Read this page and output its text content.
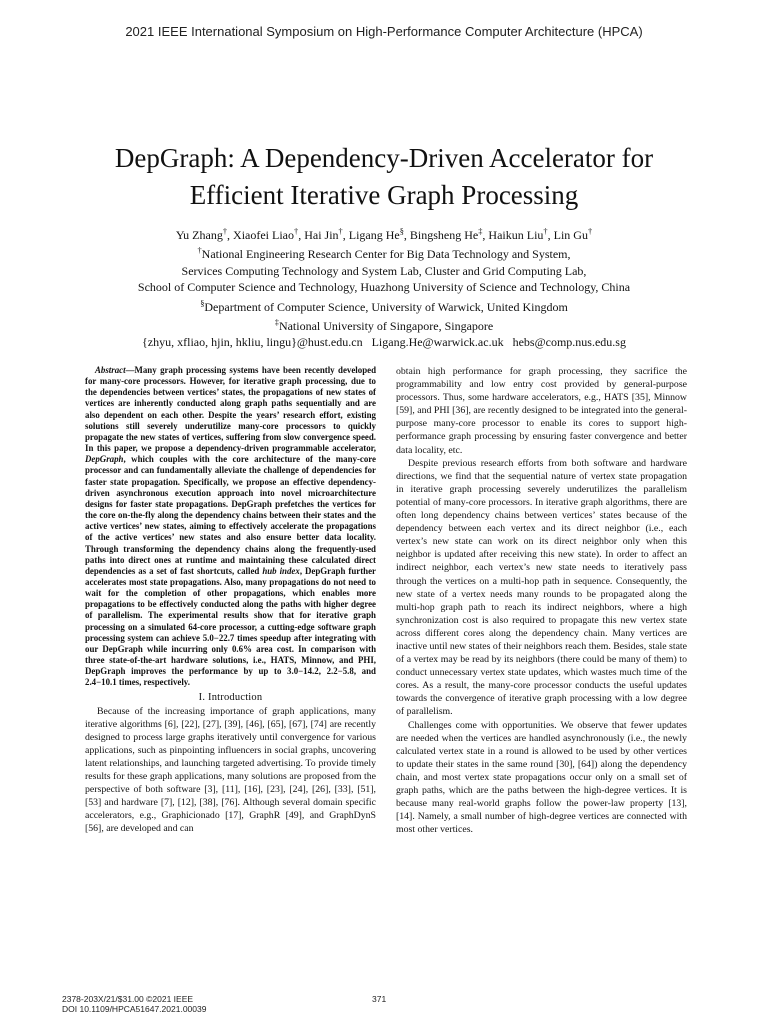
2021 IEEE International Symposium on High-Performance Computer Architecture (HPCA)
DepGraph: A Dependency-Driven Accelerator for
Efficient Iterative Graph Processing
Yu Zhang†, Xiaofei Liao†, Hai Jin†, Ligang He§, Bingsheng He‡, Haikun Liu†, Lin Gu†
†National Engineering Research Center for Big Data Technology and System,
Services Computing Technology and System Lab, Cluster and Grid Computing Lab,
School of Computer Science and Technology, Huazhong University of Science and Technology, China
§Department of Computer Science, University of Warwick, United Kingdom
‡National University of Singapore, Singapore
{zhyu, xfliao, hjin, hkliu, lingu}@hust.edu.cn   Ligang.He@warwick.ac.uk   hebs@comp.nus.edu.sg

Abstract—Many graph processing systems have been recently developed for many-core processors. However, for iterative graph processing, due to the dependencies between vertices’ states, the propagations of new states of vertices are inherently conducted along graph paths sequentially and are also dependent on each other. Despite the years’ research effort, existing solutions still severely underutilize many-core processors to quickly propagate the new states of vertices, suffering from slow convergence speed. In this paper, we propose a dependency-driven programmable accelerator, DepGraph, which couples with the core architecture of the many-core processor and can fundamentally alleviate the challenge of dependencies for faster state propagation. Specifically, we propose an effective dependency-driven asynchronous execution approach into novel microarchitecture designs for faster state propagations. DepGraph prefetches the vertices for the core on-the-fly along the dependency chains between their states and the active vertices’ new states, aiming to effectively accelerate the propagations of the active vertices’ new states and also ensure better data locality. Through transforming the dependency chains along the frequently-used paths into direct ones at runtime and maintaining these calculated direct dependencies as a set of fast shortcuts, called hub index, DepGraph further accelerates most state propagations. Also, many propagations do not need to wait for the completion of other propagations, which enables more propagations to be effectively conducted along the paths with higher degree of parallelism. The experimental results show that for iterative graph processing on a simulated 64-core processor, a cutting-edge software graph processing system can achieve 5.0−22.7 times speedup after integrating with our DepGraph while incurring only 0.6% area cost. In comparison with three state-of-the-art hardware solutions, i.e., HATS, Minnow, and PHI, DepGraph improves the performance by up to 3.0−14.2, 2.2−5.8, and 2.4−10.1 times, respectively.

I. Introduction

Because of the increasing importance of graph applications, many iterative algorithms [6], [22], [27], [39], [46], [65], [67], [74] are recently designed to process large graphs iteratively until convergence for various applications, such as pinpointing influencers in social graphs, uncovering latent relationships, and launching targeted advertising. To provide timely results for these graph applications, many solutions are proposed from the perspective of both software [3], [11], [16], [23], [24], [26], [33], [51], [53] and hardware [7], [12], [38], [76]. Although several domain specific accelerators, e.g., Graphicionado [17], GraphR [49], and GraphDynS [56], are developed and can

obtain high performance for graph processing, they sacrifice the programmability and low entry cost provided by general-purpose processors. Thus, some hardware accelerators, e.g., HATS [35], Minnow [59], and PHI [36], are recently designed to be integrated into the general-purpose many-core processor to enable its cores to support high-performance graph processing by ensuring faster convergence and better data locality, etc.

Despite previous research efforts from both software and hardware directions, we find that the sequential nature of vertex state propagation in iterative graph processing severely underutilizes the parallelism potential of many-core processors. In iterative graph algorithms, there are often long dependency chains between vertices’ states because of the dependency between each vertex and its direct neighbor (i.e., each vertex’s new state can work on its direct neighbor only when this neighbor is updated after receiving this new state). In order to affect an indirect neighbor, each vertex’s new state needs to iteratively pass through the vertices on a multi-hop path in sequence. Consequently, the new state of a vertex needs many rounds to be propagated along the multi-hop graph path to reach its indirect neighbors, where a high synchronization cost is also required to propagate this new vertex state across different cores along the dependency chain. Many vertices are inactive until new states of their neighbors reach them. Besides, stale state of a vertex may be read by its neighbors (there could be many of them) to conduct unnecessary vertex state updates, which wastes much time of the cores. As a result, the many-core processor conducts the useful updates towards the convergence of iterative graph processing with a low degree of parallelism.

Challenges come with opportunities. We observe that fewer updates are needed when the vertices are handled asynchronously (i.e., the newly calculated vertex state in a round is allowed to be used by other vertices to update their states in the same round [30], [64]) along the dependency chain, and most vertex state propagations occur only on a small set of graph paths, which are the paths between the high-degree vertices. It is because many real-world graphs follow the power-law property [13], [14]. Namely, a small number of high-degree vertices are connected with most other vertices.

2378-203X/21/$31.00 ©2021 IEEE
DOI 10.1109/HPCA51647.2021.00039
371
